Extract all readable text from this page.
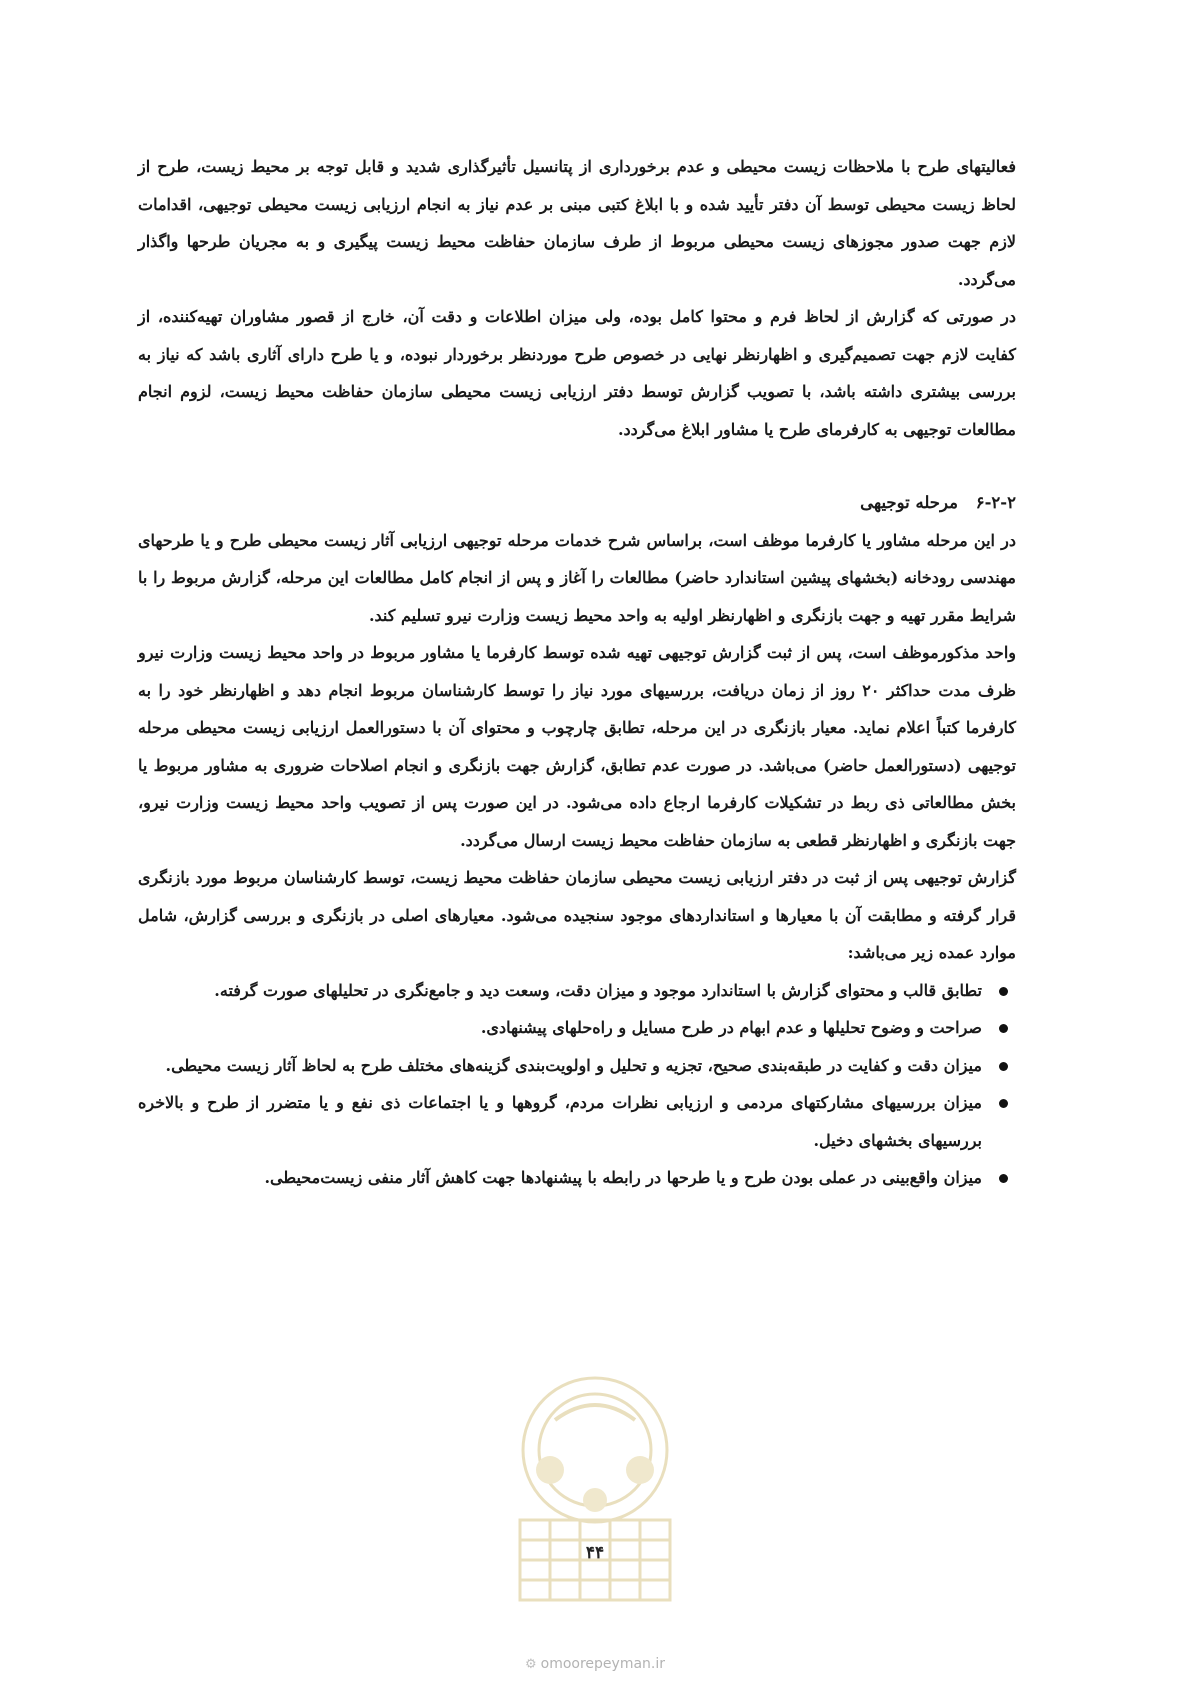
فعالیتهای طرح با ملاحظات زیست محیطی و عدم برخورداری از پتانسیل تأثیرگذاری شدید و قابل توجه بر محیط زیست، طرح از لحاظ زیست محیطی توسط آن دفتر تأیید شده و با ابلاغ کتبی مبنی بر عدم نیاز به انجام ارزیابی زیست محیطی توجیهی، اقدامات لازم جهت صدور مجوزهای زیست محیطی مربوط از طرف سازمان حفاظت محیط زیست پیگیری و به مجریان طرحها واگذار می‌گردد.

در صورتی که گزارش از لحاظ فرم و محتوا کامل بوده، ولی میزان اطلاعات و دقت آن، خارج از قصور مشاوران تهیه‌کننده، از کفایت لازم جهت تصمیم‌گیری و اظهارنظر نهایی در خصوص طرح موردنظر برخوردار نبوده، و یا طرح دارای آثاری باشد که نیاز به بررسی بیشتری داشته باشد، با تصویب گزارش توسط دفتر ارزیابی زیست محیطی سازمان حفاظت محیط زیست، لزوم انجام مطالعات توجیهی به کارفرمای طرح یا مشاور ابلاغ می‌گردد.

۶-۲-۲ مرحله توجیهی

در این مرحله مشاور یا کارفرما موظف است، براساس شرح خدمات مرحله توجیهی ارزیابی آثار زیست محیطی طرح و یا طرحهای مهندسی رودخانه (بخشهای پیشین استاندارد حاضر) مطالعات را آغاز و پس از انجام کامل مطالعات این مرحله، گزارش مربوط را با شرایط مقرر تهیه و جهت بازنگری و اظهارنظر اولیه به واحد محیط زیست وزارت نیرو تسلیم کند.

واحد مذکورموظف است، پس از ثبت گزارش توجیهی تهیه شده توسط کارفرما یا مشاور مربوط در واحد محیط زیست وزارت نیرو ظرف مدت حداکثر ۲۰ روز از زمان دریافت، بررسیهای مورد نیاز را توسط کارشناسان مربوط انجام دهد و اظهارنظر خود را به کارفرما کتباً اعلام نماید. معیار بازنگری در این مرحله، تطابق چارچوب و محتوای آن با دستورالعمل ارزیابی زیست محیطی مرحله توجیهی (دستورالعمل حاضر) می‌باشد. در صورت عدم تطابق، گزارش جهت بازنگری و انجام اصلاحات ضروری به مشاور مربوط یا بخش مطالعاتی ذی ربط در تشکیلات کارفرما ارجاع داده می‌شود. در این صورت پس از تصویب واحد محیط زیست وزارت نیرو، جهت بازنگری و اظهارنظر قطعی به سازمان حفاظت محیط زیست ارسال می‌گردد.

گزارش توجیهی پس از ثبت در دفتر ارزیابی زیست محیطی سازمان حفاظت محیط زیست، توسط کارشناسان مربوط مورد بازنگری قرار گرفته و مطابقت آن با معیارها و استانداردهای موجود سنجیده می‌شود. معیارهای اصلی در بازنگری و بررسی گزارش، شامل موارد عمده زیر می‌باشد:

تطابق قالب و محتوای گزارش با استاندارد موجود و میزان دقت، وسعت دید و جامع‌نگری در تحلیلهای صورت گرفته.
صراحت و وضوح تحلیلها و عدم ابهام در طرح مسایل و راه‌حلهای پیشنهادی.
میزان دقت و کفایت در طبقه‌بندی صحیح، تجزیه و تحلیل و اولویت‌بندی گزینه‌های مختلف طرح به لحاظ آثار زیست محیطی.
میزان بررسیهای مشارکتهای مردمی و ارزیابی نظرات مردم، گروهها و یا اجتماعات ذی نفع و یا متضرر از طرح و بالاخره بررسیهای بخشهای دخیل.
میزان واقع‌بینی در عملی بودن طرح و یا طرحها در رابطه با پیشنهادها جهت کاهش آثار منفی زیست‌محیطی.
۴۴
⚙ omoorepeyman.ir
